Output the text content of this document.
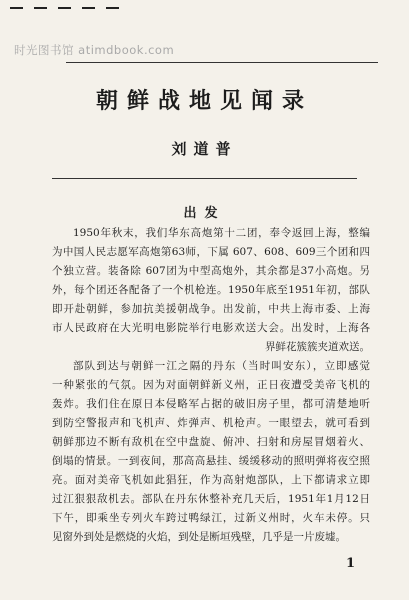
时光图书馆 atimdbook.com
朝鲜战地见闻录
刘道普
出发
1950年秋末，我们华东高炮第十二团，奉令返回上海，整编
为中国人民志愿军高炮第63师，下属 607、608、609三个团和四
个独立营。装备除 607团为中型高炮外，其余都是37小高炮。另
外，每个团还各配备了一个机枪连。1950年底至1951年初，部队
即开赴朝鲜，参加抗美援朝战争。出发前，中共上海市委、上海
市人民政府在大光明电影院举行电影欢送大会。出发时，上海各
界鲜花簇簇夹道欢送。
部队到达与朝鲜一江之隔的丹东（当时叫安东），立即感觉
一种紧张的气氛。因为对面朝鲜新义州，正日夜遭受美帝飞机的
轰炸。我们住在原日本侵略军占据的破旧房子里，都可清楚地听
到防空警报声和飞机声、炸弹声、机枪声。一眼望去，就可看到
朝鲜那边不断有敌机在空中盘旋、俯冲、扫射和房屋冒烟着火、
倒塌的情景。一到夜间，那高高悬挂、缓缓移动的照明弹将夜空照
亮。面对美帝飞机如此猖狂，作为高射炮部队，上下都请求立即
过江狠狠敌机去。部队在丹东休整补充几天后，1951年1月12日
下午，即乘坐专列火车跨过鸭绿江，过新义州时，火车未停。只
见窗外到处是燃烧的火焰，到处是断垣残壁，几乎是一片废墟。
1
